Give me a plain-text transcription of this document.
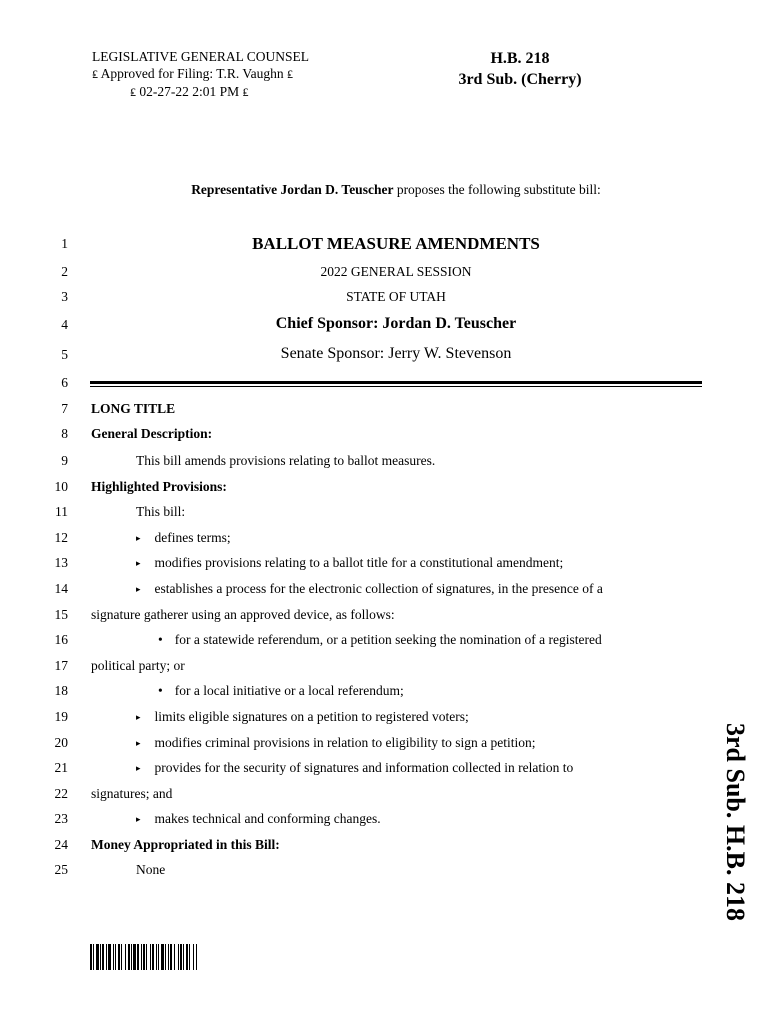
LEGISLATIVE GENERAL COUNSEL
₤ Approved for Filing: T.R. Vaughn ₤
₤ 02-27-22 2:01 PM ₤
H.B. 218
3rd Sub. (Cherry)
Representative Jordan D. Teuscher proposes the following substitute bill:
1
2
3
4
5
6
7
8
9
10
11
12
13
14
15
16
17
18
19
20
21
22
23
24
25
BALLOT MEASURE AMENDMENTS
2022 GENERAL SESSION
STATE OF UTAH
Chief Sponsor: Jordan D. Teuscher
Senate Sponsor: Jerry W. Stevenson
LONG TITLE
General Description:
This bill amends provisions relating to ballot measures.
Highlighted Provisions:
This bill:
▸ defines terms;
▸ modifies provisions relating to a ballot title for a constitutional amendment;
▸ establishes a process for the electronic collection of signatures, in the presence of a
signature gatherer using an approved device, as follows:
• for a statewide referendum, or a petition seeking the nomination of a registered
political party; or
• for a local initiative or a local referendum;
▸ limits eligible signatures on a petition to registered voters;
▸ modifies criminal provisions in relation to eligibility to sign a petition;
▸ provides for the security of signatures and information collected in relation to
signatures; and
▸ makes technical and conforming changes.
Money Appropriated in this Bill:
None	3rd Sub. H.B. 218
